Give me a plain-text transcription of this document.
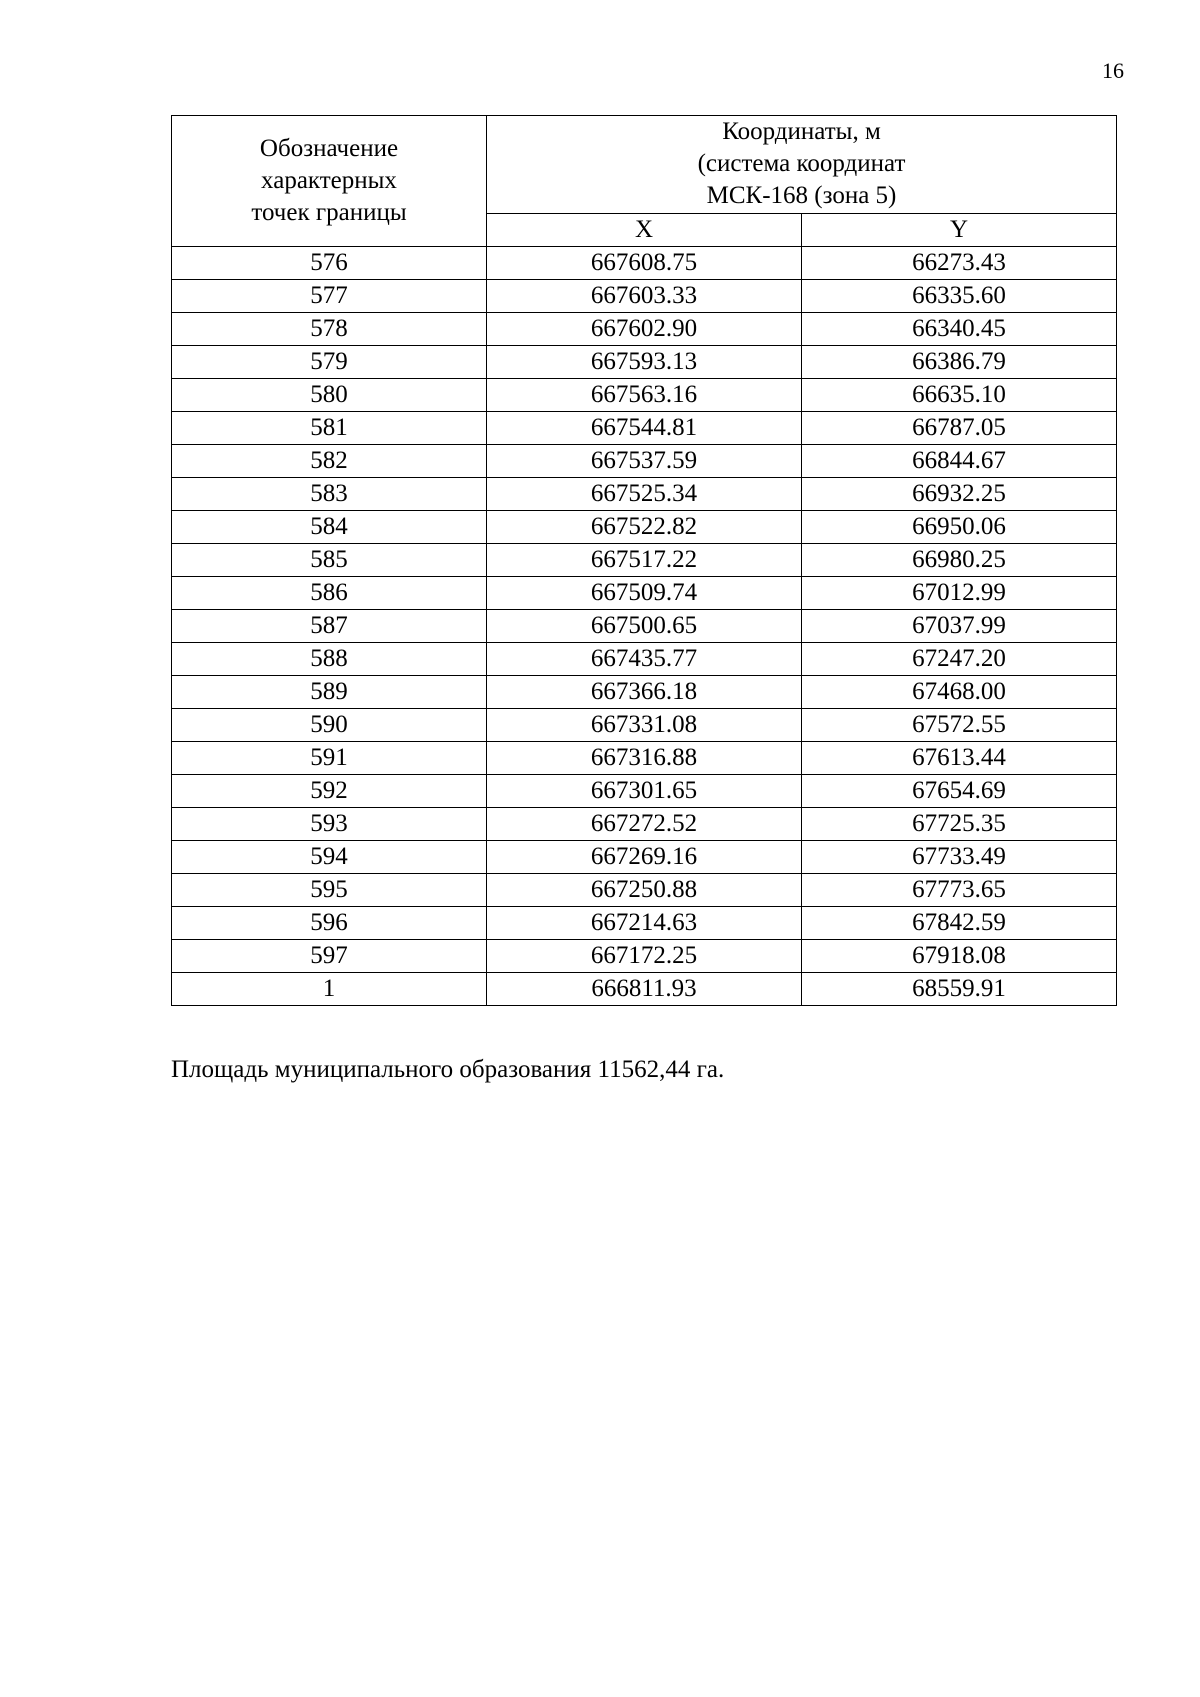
16
Обозначение
характерных
точек границы	Координаты, м
(система координат
МСК-168 (зона 5)	
	X	Y
576	667608.75	66273.43
577	667603.33	66335.60
578	667602.90	66340.45
579	667593.13	66386.79
580	667563.16	66635.10
581	667544.81	66787.05
582	667537.59	66844.67
583	667525.34	66932.25
584	667522.82	66950.06
585	667517.22	66980.25
586	667509.74	67012.99
587	667500.65	67037.99
588	667435.77	67247.20
589	667366.18	67468.00
590	667331.08	67572.55
591	667316.88	67613.44
592	667301.65	67654.69
593	667272.52	67725.35
594	667269.16	67733.49
595	667250.88	67773.65
596	667214.63	67842.59
597	667172.25	67918.08
1	666811.93	68559.91
Площадь муниципального образования 11562,44 га.
